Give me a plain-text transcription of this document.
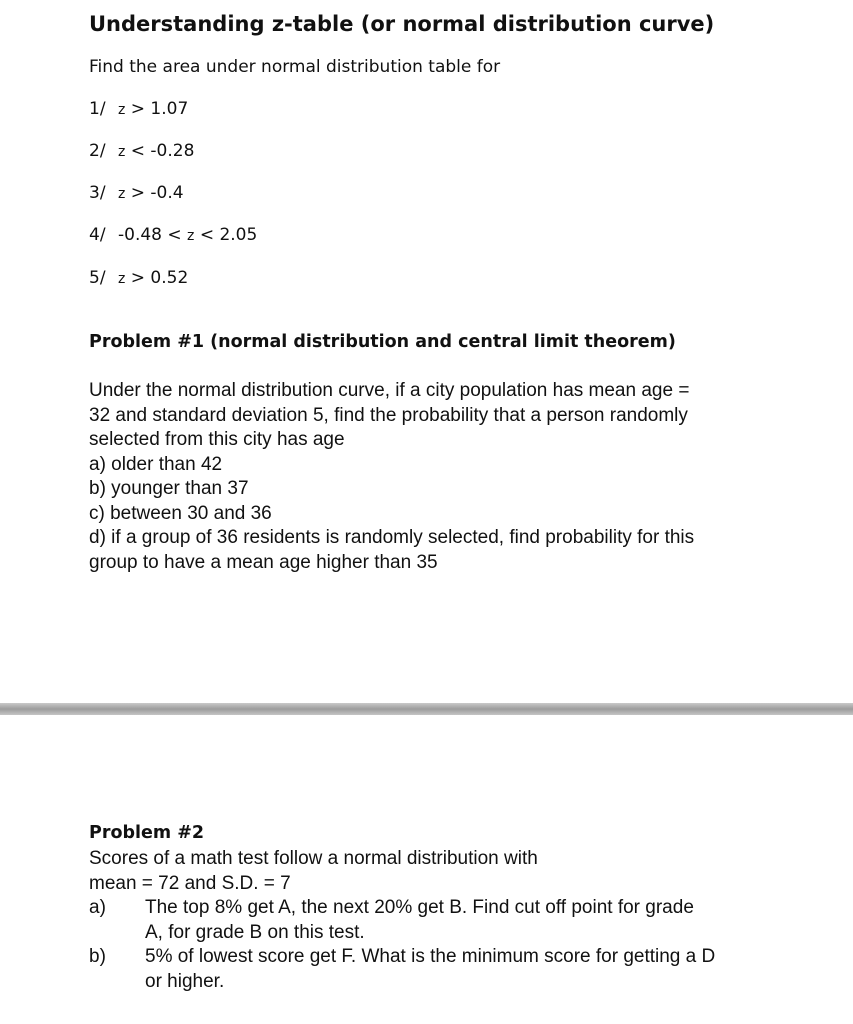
Understanding z-table (or normal distribution curve)
Find the area under normal distribution table for
1/ z > 1.07
2/ z < -0.28
3/ z > -0.4
4/ -0.48 < z < 2.05
5/ z > 0.52
Problem #1 (normal distribution and central limit theorem)
Under the normal distribution curve, if a city population has mean age =
32 and standard deviation 5, find the probability that a person randomly
selected from this city has age
a) older than 42
b) younger than 37
c) between 30 and 36
d) if a group of 36 residents is randomly selected, find probability for this
group to have a mean age higher than 35
Problem #2
Scores of a math test follow a normal distribution with
mean = 72 and S.D. = 7
a) The top 8% get A, the next 20% get B. Find cut off point for grade
A, for grade B on this test.
b) 5% of lowest score get F. What is the minimum score for getting a D
or higher.
